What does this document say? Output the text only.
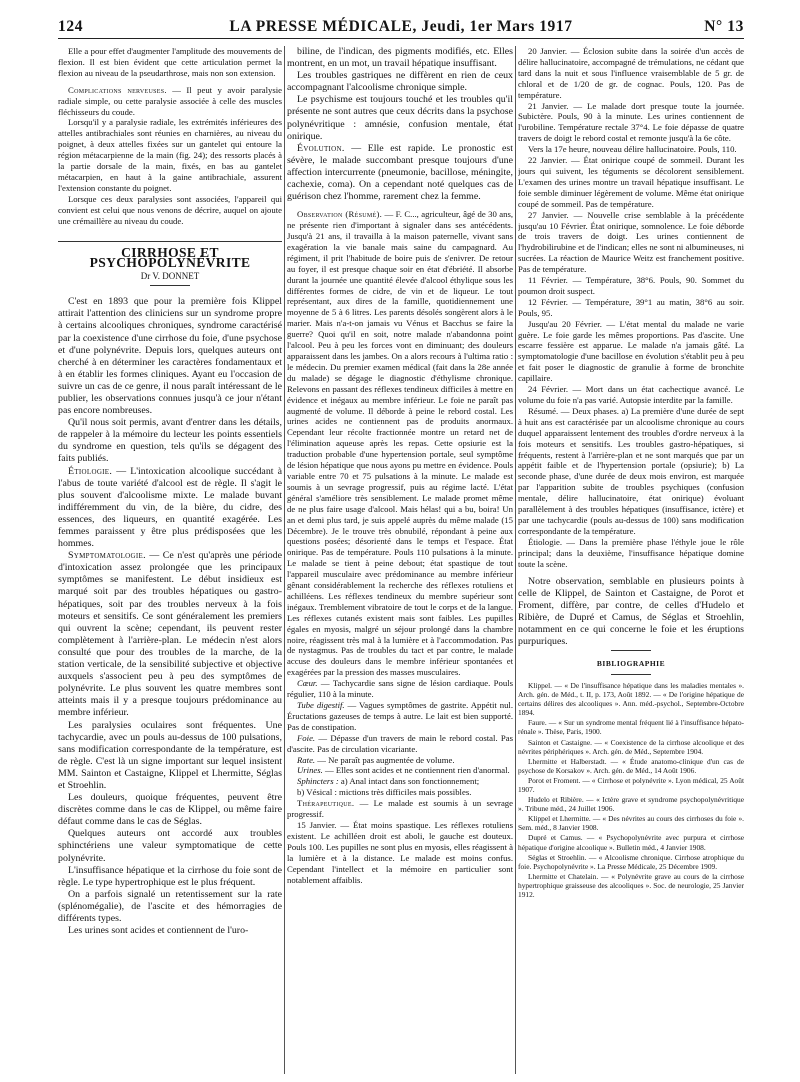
124	LA PRESSE MÉDICALE, Jeudi, 1er Mars 1917	N° 13

Elle a pour effet d'augmenter l'amplitude des mouvements de flexion. Il est bien évident que cette articulation permet la flexion au niveau de la pseudarthrose, mais non son extension.

Complications nerveuses. — Il peut y avoir paralysie radiale simple, ou cette paralysie associée à celle des muscles fléchisseurs du coude.

Lorsqu'il y a paralysie radiale, les extrémités inférieures des attelles antibrachiales sont réunies en charnières, au niveau du poignet, à deux attelles fixées sur un gantelet qui entoure la région métacarpienne de la main (fig. 24); des ressorts placés à la partie dorsale de la main, fixés, en bas au gantelet métacarpien, en haut à la gaine antibrachiale, assurent l'extension constante du poignet.

Lorsque ces deux paralysies sont associées, l'appareil qui convient est celui que nous venons de décrire, auquel on ajoute une crémaillère au niveau du coude.

CIRRHOSE ET PSYCHOPOLYNÉVRITE
Dr V. DONNET

C'est en 1893 que pour la première fois Klippel attirait l'attention des cliniciens sur un syndrome propre à certains alcooliques chroniques, syndrome caractérisé par la coexistence d'une cirrhose du foie, d'une psychose et d'une polynévrite. Depuis lors, quelques auteurs ont cherché à en déterminer les caractères fondamentaux et à en établir les formes cliniques. Ayant eu l'occasion de suivre un cas de ce genre, il nous paraît intéressant de le publier, les observations connues jusqu'à ce jour n'étant pas encore nombreuses.

Qu'il nous soit permis, avant d'entrer dans les détails, de rappeler à la mémoire du lecteur les points essentiels du syndrome en question, tels qu'ils se dégagent des faits publiés.

Étiologie. — L'intoxication alcoolique succédant à l'abus de toute variété d'alcool est de règle. Il s'agit le plus souvent d'alcoolisme mixte. Le malade buvant indifféremment du vin, de la bière, du cidre, des essences, des liqueurs, en quantité exagérée. Les femmes paraissent y être plus prédisposées que les hommes.

Symptomatologie. — Ce n'est qu'après une période d'intoxication assez prolongée que les principaux symptômes se manifestent. Le début insidieux est marqué soit par des troubles hépatiques ou gastro-hépatiques, soit par des troubles nerveux à la fois moteurs et sensitifs. Ce sont généralement les premiers qui ouvrent la scène; cependant, ils peuvent rester complètement à l'arrière-plan. Le médecin n'est alors consulté que pour des troubles de la marche, de la station verticale, de la sensibilité subjective et objective auxquels s'associent peu à peu des symptômes de polynévrite. Le plus souvent les quatre membres sont atteints mais il y a presque toujours prédominance au membre inférieur.

Les paralysies oculaires sont fréquentes. Une tachycardie, avec un pouls au-dessus de 100 pulsations, sans modification correspondante de la température, est de règle. C'est là un signe important sur lequel insistent MM. Sainton et Castaigne, Klippel et Lhermitte, Séglas et Stroehlin.

Les douleurs, quoique fréquentes, peuvent être discrètes comme dans le cas de Klippel, ou même faire défaut comme dans le cas de Séglas.

Quelques auteurs ont accordé aux troubles sphinctériens une valeur symptomatique de cette polynévrite.

L'insuffisance hépatique et la cirrhose du foie sont de règle. Le type hypertrophique est le plus fréquent.

On a parfois signalé un retentissement sur la rate (splénomégalie), de l'ascite et des hémorragies de différents types.

Les urines sont acides et contiennent de l'uro-

biline, de l'indican, des pigments modifiés, etc. Elles montrent, en un mot, un travail hépatique insuffisant.

Les troubles gastriques ne diffèrent en rien de ceux accompagnant l'alcoolisme chronique simple.

Le psychisme est toujours touché et les troubles qu'il présente ne sont autres que ceux décrits dans la psychose polynévritique : amnésie, confusion mentale, état onirique.

Évolution. — Elle est rapide. Le pronostic est sévère, le malade succombant presque toujours d'une affection intercurrente (pneumonie, bacillose, méningite, cachexie, coma). On a cependant noté quelques cas de guérison chez l'homme, rarement chez la femme.

Observation (Résumé). — F. C..., agriculteur, âgé de 30 ans, ne présente rien d'important à signaler dans ses antécédents. Jusqu'à 21 ans, il travailla à la maison paternelle, vivant sans exagération la vie banale mais saine du campagnard. Au régiment, il prit l'habitude de boire puis de s'enivrer. De retour au foyer, il est presque chaque soir en état d'ébriété. Il absorbe durant la journée une quantité élevée d'alcool éthylique sous les différentes formes de cidre, de vin et de liqueur. Le tout représentant, aux dires de la famille, quotidiennement une moyenne de 5 à 6 litres. Les parents désolés songèrent alors à le marier. Mais n'a-t-on jamais vu Vénus et Bacchus se faire la guerre? Quoi qu'il en soit, notre malade n'abandonna point l'alcool. Peu à peu les forces vont en diminuant; des douleurs apparaissent dans les jambes. On a alors recours à l'ultima ratio : le médecin. Du premier examen médical (fait dans la 28e année du malade) se dégage le diagnostic d'éthylisme chronique. Relevons en passant des réflexes tendineux difficiles à mettre en évidence et inégaux au membre inférieur. Le foie ne paraît pas augmenté de volume. Il déborde à peine le rebord costal. Les urines acides ne contiennent pas de produits anormaux. Cependant leur récolte fractionnée montre un retard net de l'élimination aqueuse après les repas. Cette opsiurie est la traduction probable d'une hypertension portale, seul symptôme de lésion hépatique que nous ayons pu mettre en évidence. Pouls variable entre 70 et 75 pulsations à la minute. Le malade est soumis à un sevrage progressif, puis au régime lacté. L'état général s'améliore très sensiblement. Le malade promet même de ne plus faire usage d'alcool. Mais hélas! qui a bu, boira! Un an et demi plus tard, je suis appelé auprès du même malade (15 Décembre). Je le trouve très obnubilé, répondant à peine aux questions posées; désorienté dans le temps et l'espace. État onirique. Pas de température. Pouls 110 pulsations à la minute. Le malade se tient à peine debout; état spastique de tout l'appareil musculaire avec prédominance au membre inférieur gênant considérablement la recherche des réflexes rotuliens et achilléens. Les réflexes tendineux du membre supérieur sont inégaux. Tremblement vibratoire de tout le corps et de la langue. Les réflexes cutanés existent mais sont faibles. Les pupilles égales en myosis, malgré un séjour prolongé dans la chambre noire, réagissent très mal à la lumière et à l'accommodation. Pas de nystagmus. Pas de troubles du tact et par contre, le malade accuse des douleurs dans le membre inférieur spontanées et exagérées par la pression des masses musculaires.

Cœur. — Tachycardie sans signe de lésion cardiaque. Pouls régulier, 110 à la minute.

Tube digestif. — Vagues symptômes de gastrite. Appétit nul. Éructations gazeuses de temps à autre. Le lait est bien supporté. Pas de constipation.

Foie. — Dépasse d'un travers de main le rebord costal. Pas d'ascite. Pas de circulation vicariante.

Rate. — Ne paraît pas augmentée de volume.

Urines. — Elles sont acides et ne contiennent rien d'anormal.

Sphincters : a) Anal intact dans son fonctionnement;

b) Vésical : mictions très difficiles mais possibles.

Thérapeutique. — Le malade est soumis à un sevrage progressif.

15 Janvier. — État moins spastique. Les réflexes rotuliens existent. Le achilléen droit est aboli, le gauche est douteux. Pouls 100. Les pupilles ne sont plus en myosis, elles réagissent à la lumière et à la distance. Le malade est moins confus. Cependant l'intellect et la mémoire en particulier sont notablement affaiblis.

20 Janvier. — Éclosion subite dans la soirée d'un accès de délire hallucinatoire, accompagné de trémulations, ne cédant que tard dans la nuit et sous l'influence vraisemblable de 5 gr. de chloral et de 1/20 de gr. de cognac. Pouls, 120. Pas de température.

21 Janvier. — Le malade dort presque toute la journée. Subictère. Pouls, 90 à la minute. Les urines contiennent de l'urobiline. Température rectale 37°4. Le foie dépasse de quatre travers de doigt le rebord costal et remonte jusqu'à la 6e côte.

Vers la 17e heure, nouveau délire hallucinatoire. Pouls, 110.

22 Janvier. — État onirique coupé de sommeil. Durant les jours qui suivent, les téguments se décolorent sensiblement. L'examen des urines montre un travail hépatique insuffisant. Le foie semble diminuer légèrement de volume. Même état onirique coupé de sommeil. Pas de température.

27 Janvier. — Nouvelle crise semblable à la précédente jusqu'au 10 Février. État onirique, somnolence. Le foie déborde de trois travers de doigt. Les urines contiennent de l'hydrobilirubine et de l'indican; elles ne sont ni albumineuses, ni sucrées. La réaction de Maurice Weitz est franchement positive. Pas de température.

11 Février. — Température, 38°6. Pouls, 90. Sommet du poumon droit suspect.

12 Février. — Température, 39°1 au matin, 38°6 au soir. Pouls, 95.

Jusqu'au 20 Février. — L'état mental du malade ne varie guère. Le foie garde les mêmes proportions. Pas d'ascite. Une escarre fessière est apparue. Le malade n'a jamais gâté. La symptomatologie d'une bacillose en évolution s'établit peu à peu et fait poser le diagnostic de granulie à forme de bronchite capillaire.

24 Février. — Mort dans un état cachectique avancé. Le volume du foie n'a pas varié. Autopsie interdite par la famille.

Résumé. — Deux phases. a) La première d'une durée de sept à huit ans est caractérisée par un alcoolisme chronique au cours duquel apparaissent lentement des troubles d'ordre nerveux à la fois moteurs et sensitifs. Les troubles gastro-hépatiques, si fréquents, restent à l'arrière-plan et ne sont marqués que par un appétit faible et de l'hypertension portale (opsiurie); b) La seconde phase, d'une durée de deux mois environ, est marquée par l'apparition subite de troubles psychiques (confusion mentale, délire hallucinatoire, état onirique) évoluant parallèlement à des troubles hépatiques (insuffisance, ictère) et par une tachycardie (pouls au-dessus de 100) sans modification correspondante de la température.

Étiologie. — Dans la première phase l'éthyle joue le rôle principal; dans la deuxième, l'insuffisance hépatique domine toute la scène.

Notre observation, semblable en plusieurs points à celle de Klippel, de Sainton et Castaigne, de Porot et Froment, diffère, par contre, de celles d'Hudelo et Ribière, de Dupré et Camus, de Séglas et Stroehlin, notamment en ce qui concerne le foie et les éruptions purpuriques.

BIBLIOGRAPHIE

Klippel. — « De l'insuffisance hépatique dans les maladies mentales ». Arch. gén. de Méd., t. II, p. 173, Août 1892. — « De l'origine hépatique de certains délires des alcooliques ». Ann. méd.-psychol., Septembre-Octobre 1894.

Faure. — « Sur un syndrome mental fréquent lié à l'insuffisance hépato-rénale ». Thèse, Paris, 1900.

Sainton et Castaigne. — « Coexistence de la cirrhose alcoolique et des névrites périphériques ». Arch. gén. de Méd., Septembre 1904.

Lhermitte et Halberstadt. — « Étude anatomo-clinique d'un cas de psychose de Korsakov ». Arch. gén. de Méd., 14 Août 1906.

Porot et Froment. — « Cirrhose et polynévrite ». Lyon médical, 25 Août 1907.

Hudelo et Ribière. — « Ictère grave et syndrome psychopolynévritique ». Tribune méd., 24 Juillet 1906.

Klippel et Lhermitte. — « Des névrites au cours des cirrhoses du foie ». Sem. méd., 8 Janvier 1908.

Dupré et Camus. — « Psychopolynévrite avec purpura et cirrhose hépatique d'origine alcoolique ». Bulletin méd., 4 Janvier 1908.

Séglas et Stroehlin. — « Alcoolisme chronique. Cirrhose atrophique du foie. Psychopolynévrite ». La Presse Médicale, 25 Décembre 1909.

Lhermitte et Chatelain. — « Polynévrite grave au cours de la cirrhose hypertrophique graisseuse des alcooliques ». Soc. de neurologie, 25 Janvier 1912.
